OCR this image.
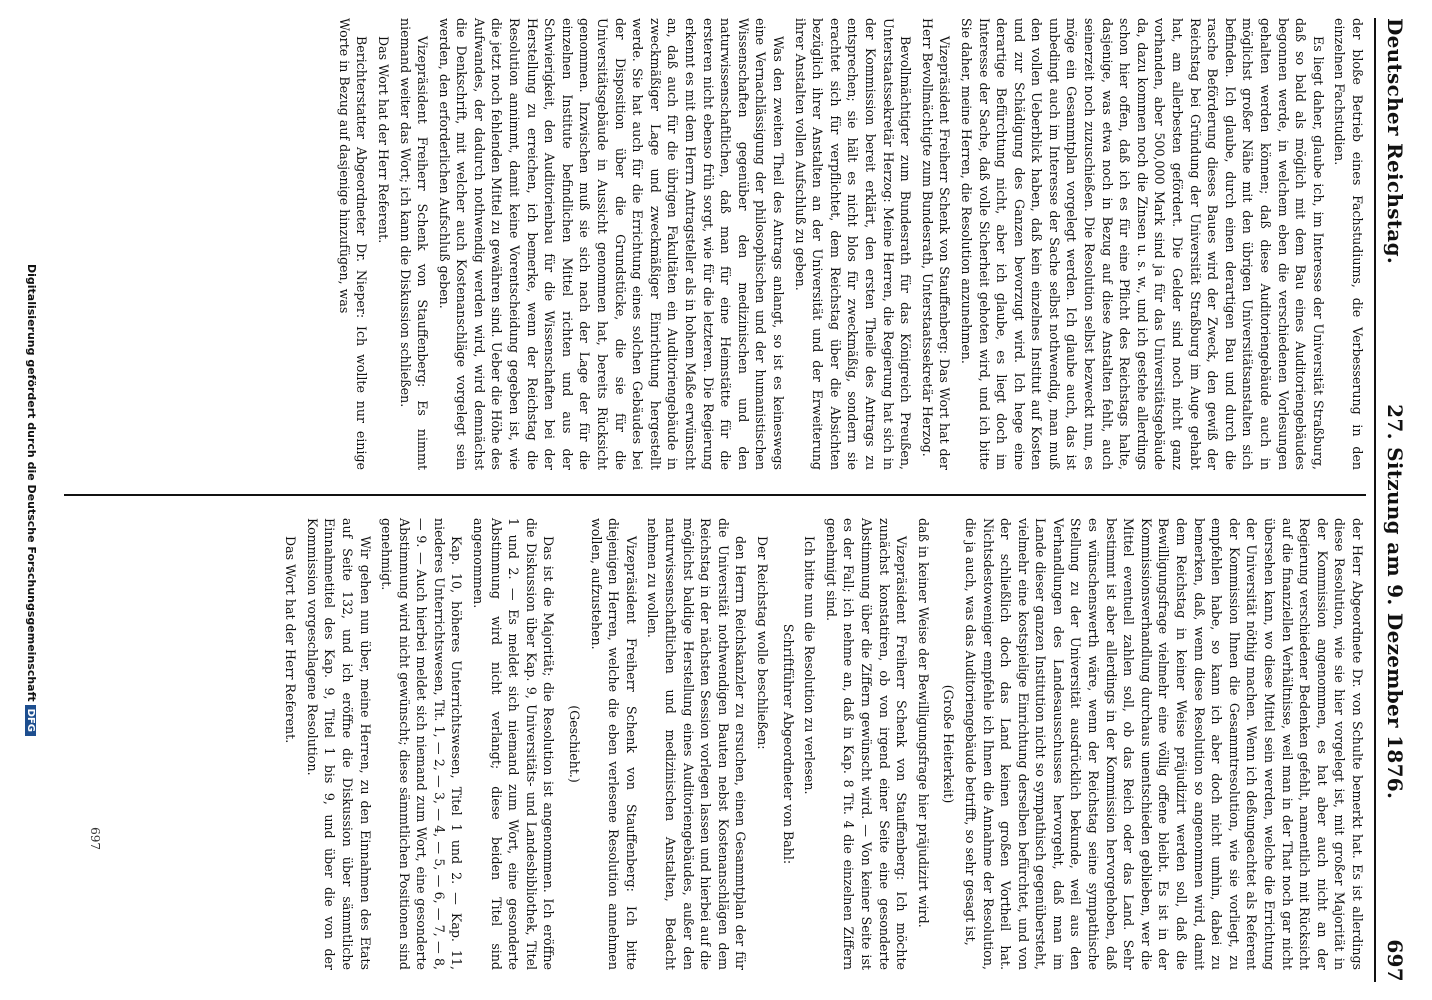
Deutscher Reichstag.
27. Sitzung am 9. Dezember 1876.
697

der bloße Betrieb eines Fachstudiums, die Verbesserung in den einzelnen Fachstudien.

Es liegt daher, glaube ich, im Interesse der Universität Straßburg, daß so bald als möglich mit dem Bau eines Auditoriengebäudes begonnen werde, in welchem eben die verschiedenen Vorlesungen gehalten werden können; daß diese Auditoriengebäude auch in möglichst großer Nähe mit den übrigen Universitätsanstalten sich befinden. Ich glaube, durch einen derartigen Bau und durch die rasche Beförderung dieses Baues wird der Zweck, den gewiß der Reichstag bei Gründung der Universität Straßburg im Auge gehabt hat, am allerbesten gefördert. Die Gelder sind noch nicht ganz vorhanden, aber 500,000 Mark sind ja für das Universitätsgebäude da, dazu kommen noch die Zinsen u. s. w., und ich gestehe allerdings schon hier offen, daß ich es für eine Pflicht des Reichstags halte, dasjenige, was etwa noch in Bezug auf diese Anstalten fehlt, auch seinerzeit noch zuzuschießen. Die Resolution selbst bezweckt nun, es möge ein Gesammtplan vorgelegt werden. Ich glaube auch, das ist unbedingt auch im Interesse der Sache selbst nothwendig, man muß den vollen Ueberblick haben, daß kein einzelnes Institut auf Kosten und zur Schädigung des Ganzen bevorzugt wird. Ich hege eine derartige Befürchtung nicht, aber ich glaube, es liegt doch im Interesse der Sache, daß volle Sicherheit gehoten wird, und ich bitte Sie daher, meine Herren, die Resolution anzunehmen.

Vizepräsident Freiherr Schenk von Stauffenberg: Das Wort hat der Herr Bevollmächtigte zum Bundesrath, Unterstaatssekretär Herzog.

Bevollmächtigter zum Bundesrath für das Königreich Preußen, Unterstaatssekretär Herzog: Meine Herren, die Regierung hat sich in der Kommission bereit erklärt, den ersten Theile des Antrags zu entsprechen; sie hält es nicht blos für zweckmäßig, sondern sie erachtet sich für verpflichtet, dem Reichstag über die Absichten bezüglich ihrer Anstalten an der Universität und der Erweiterung ihrer Anstalten vollen Aufschluß zu geben.

Was den zweiten Theil des Antrags anlangt, so ist es keineswegs eine Vernachlässigung der philosophischen und der humanistischen Wissenschaften gegenüber den medizinischen und den naturwissenschaftlichen, daß man für eine Heimstätte für die ersteren nicht ebenso früh sorgt, wie für die letzteren. Die Regierung erkennt es mit dem Herrn Antragsteller als in hohem Maße erwünscht an, daß auch für die übrigen Fakultäten ein Auditoriengebäude in zweckmäßiger Lage und zweckmäßiger Einrichtung hergestellt werde. Sie hat auch für die Errichtung eines solchen Gebäudes bei der Disposition über die Grundstücke, die sie für die Universitätsgebäude in Aussicht genommen hat, bereits Rücksicht genommen. Inzwischen muß sie sich nach der Lage der für die einzelnen Institute befindlichen Mittel richten und aus der Schwierigkeit, den Auditorienbau für die Wissenschaften bei der Herstellung zu erreichen, ich bemerke, wenn der Reichstag die Resolution annimmt, damit keine Vorentscheidung gegeben ist, wie die jetzt noch fehlenden Mittel zu gewähren sind. Ueber die Höhe des Aufwandes, der dadurch nothwendig werden wird, wird demnächst die Denkschrift, mit welcher auch Kostenanschläge vorgelegt sein werden, den erforderlichen Aufschluß geben.

Vizepräsident Freiherr Schenk von Stauffenberg: Es nimmt niemand weiter das Wort; ich kann die Diskussion schließen.

Das Wort hat der Herr Referent.

Berichterstatter Abgeordneter Dr. Nieper: Ich wollte nur einige Worte in Bezug auf dasjenige hinzufügen, was

der Herr Abgeordnete Dr. von Schulte bemerkt hat. Es ist allerdings diese Resolution, wie sie hier vorgelegt ist, mit großer Majorität in der Kommission angenommen, es hat aber auch nicht an der Regierung verschiedener Bedenken gefehlt, namentlich mit Rücksicht auf die finanziellen Verhältnisse, weil man in der That noch gar nicht übersehen kann, wo diese Mittel sein werden, welche die Errichtung der Universität nöthig machen. Wenn ich deßungeachtet als Referent der Kommission Ihnen die Gesammtresolution, wie sie vorliegt, zu empfehlen habe, so kann ich aber doch nicht umhin, dabei zu bemerken, daß, wenn diese Resolution so angenommen wird, damit dem Reichstag in keiner Weise präjudizirt werden soll, daß die Bewilligungsfrage vielmehr eine völlig offene bleibt. Es ist in der Kommissionsverhandlung durchaus unentschieden geblieben, wer die Mittel eventuell zahlen soll, ob das Reich oder das Land. Sehr bestimmt ist aber allerdings in der Kommission hervorgehoben, daß es wünschenswerth wäre, wenn der Reichstag seine sympathische Stellung zu der Universität ausdrücklich bekunde, weil aus den Verhandlungen des Landesausschusses hervorgeht, daß man im Lande dieser ganzen Institution nicht so sympathisch gegenübersteht, vielmehr eine kostspielige Einrichtung derselben befürchtet, und von der schließlich doch das Land keinen großen Vortheil hat. Nichtsdestoweniger empfehle ich Ihnen die Annahme der Resolution, die ja auch, was das Auditoriengebäude betrifft, so sehr gesagt ist,

(Große Heiterkeit)

daß in keiner Weise der Bewilligungsfrage hier präjudizirt wird.

Vizepräsident Freiherr Schenk von Stauffenberg: Ich möchte zunächst konstatiren, ob von irgend einer Seite eine gesonderte Abstimmung über die Ziffern gewünscht wird. — Von keiner Seite ist es der Fall; ich nehme an, daß in Kap. 8 Tit. 4 die einzelnen Ziffern genehmigt sind.

Ich bitte nun die Resolution zu verlesen.

Schriftführer Abgeordneter von Bahl:

Der Reichstag wolle beschließen:

den Herrn Reichskanzler zu ersuchen, einen Gesammtplan der für die Universität nothwendigen Bauten nebst Kostenanschlägen dem Reichstag in der nächsten Session vorlegen lassen und hierbei auf die möglichst baldige Herstellung eines Auditoriengebäudes, außer den naturwissenschaftlichen und medizinischen Anstalten, Bedacht nehmen zu wollen.

Vizepräsident Freiherr Schenk von Stauffenberg: Ich bitte diejenigen Herren, welche die eben verlesene Resolution annehmen wollen, aufzustehen.

(Geschieht.)

Das ist die Majorität; die Resolution ist angenommen. Ich eröffne die Diskussion über Kap. 9, Universitäts- und Landesbibliothek, Titel 1 und 2. — Es meldet sich niemand zum Wort, eine gesonderte Abstimmung wird nicht verlangt; diese beiden Titel sind angenommen.

Kap. 10, höheres Unterrichtswesen, Titel 1 und 2. — Kap. 11, niederes Unterrichtswesen, Tit. 1, — 2, — 3, — 4, — 5, — 6, — 7, — 8, — 9. — Auch hierbei meldet sich niemand zum Wort, eine gesonderte Abstimmung wird nicht gewünscht; diese sämmtlichen Positionen sind genehmigt.

Wir gehen nun über, meine Herren, zu den Einnahmen des Etats auf Seite 132, und ich eröffne die Diskussion über sämmtliche Einnahmetitel des Kap. 9, Titel 1 bis 9, und über die von der Kommission vorgeschlagene Resolution.

Das Wort hat der Herr Referent.

697
Digitalisierung gefördert durch die Deutsche ForschungsgemeinschaftDFG
